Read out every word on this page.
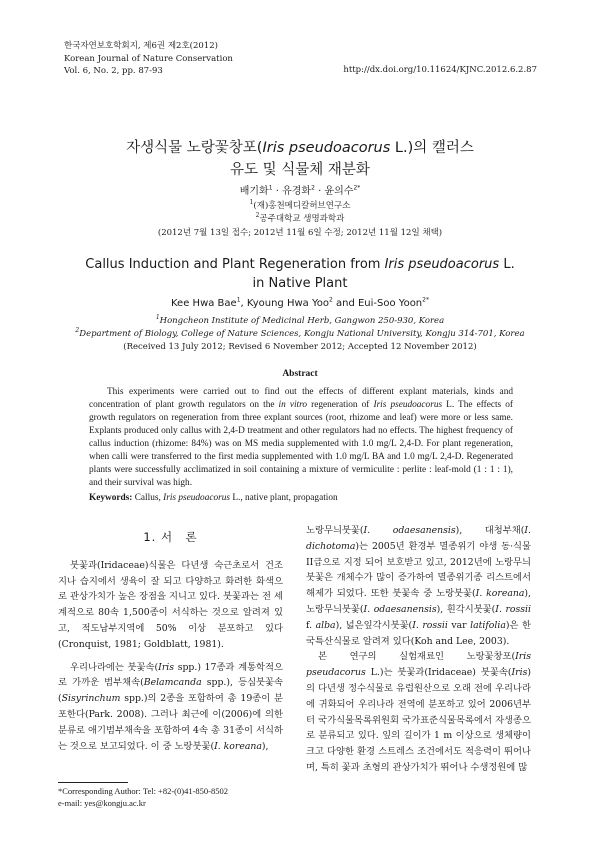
한국자연보호학회지, 제6권 제2호(2012)
Korean Journal of Nature Conservation
Vol. 6, No. 2, pp. 87-93	http://dx.doi.org/10.11624/KJNC.2012.6.2.87
자생식물 노랑꽃창포(Iris pseudoacorus L.)의 캘러스
유도 및 식물체 재분화
배기화$^1$ · 유경화$^2$ · 윤의수$^{2*}$
$^1$(재)홍천메디칼허브연구소
$^2$공주대학교 생명과학과
(2012년 7월 13일 접수; 2012년 11월 6일 수정; 2012년 11월 12일 채택)
Callus Induction and Plant Regeneration from Iris pseudoacorus L.
in Native Plant
Kee Hwa Bae$^1$, Kyoung Hwa Yoo$^2$ and Eui-Soo Yoon$^{2*}$
$^1$Hongcheon Institute of Medicinal Herb, Gangwon 250-930, Korea
$^2$Department of Biology, College of Nature Sciences, Kongju National University, Kongju 314-701, Korea
(Received 13 July 2012; Revised 6 November 2012; Accepted 12 November 2012)
Abstract
This experiments were carried out to find out the effects of different explant materials, kinds and concentration of plant growth regulators on the in vitro regeneration of Iris pseudoacorus L. The effects of growth regulators on regeneration from three explant sources (root, rhizome and leaf) were more or less same. Explants produced only callus with 2,4-D treatment and other regulators had no effects. The highest frequency of callus induction (rhizome: 84%) was on MS media supplemented with 1.0 mg/L 2,4-D. For plant regeneration, when calli were transferred to the first media supplemented with 1.0 mg/L BA and 1.0 mg/L 2,4-D. Regenerated plants were successfully acclimatized in soil containing a mixture of vermiculite : perlite : leaf-mold (1 : 1 : 1), and their survival was high.
Keywords: Callus, Iris pseudoacorus L., native plant, propagation
1. 서　론

붓꽃과(Iridaceae)식물은 다년생 숙근초로서 건조지나 습지에서 생육이 잘 되고 다양하고 화려한 화색으로 관상가치가 높은 장점을 지니고 있다. 붓꽃과는 전 세계적으로 80속 1,500종이 서식하는 것으로 알려져 있고, 적도남부지역에 50% 이상 분포하고 있다(Cronquist, 1981; Goldblatt, 1981).

우리나라에는 붓꽃속(Iris spp.) 17종과 계통학적으로 가까운 범부채속(Belamcanda spp.), 등심붓꽃속(Sisyrinchum spp.)의 2종을 포함하여 총 19종이 분포한다(Park. 2008). 그러나 최근에 이(2006)에 의한 분류로 애기범부채속을 포함하여 4속 총 31종이 서식하는 것으로 보고되었다. 이 중 노랑붓꽃(I. koreana),

노랑무늬붓꽃(I. odaesanensis), 대청부채(I. dichotoma)는 2005년 환경부 멸종위기 야생 동·식물 II급으로 지정 되어 보호받고 있고, 2012년에 노랑무늬붓꽃은 개체수가 많이 증가하여 멸종위기종 리스트에서 해제가 되었다. 또한 붓꽃속 중 노랑붓꽃(I. koreana), 노랑무늬붓꽃(I. odaesanensis), 흰각시붓꽃(I. rossii f. alba), 넓은잎각시붓꽃(I. rossii var latifolia)은 한국특산식물로 알려져 있다(Koh and Lee, 2003).

본 연구의 실험재료인 노랑꽃창포(Iris pseudacorus L.)는 붓꽃과(Iridaceae) 붓꽃속(Iris)의 다년생 정수식물로 유럽원산으로 오래 전에 우리나라에 귀화되어 우리나라 전역에 분포하고 있어 2006년부터 국가식물목록위원회 국가표준식물목록에서 자생종으로 분류되고 있다. 잎의 길이가 1 m 이상으로 생체량이 크고 다양한 환경 스트레스 조건에서도 적응력이 뛰어나며, 특히 꽃과 초형의 관상가치가 뛰어나 수생정원에 많

*Corresponding Author: Tel: +82-(0)41-850-8502
e-mail: yes@kongju.ac.kr
